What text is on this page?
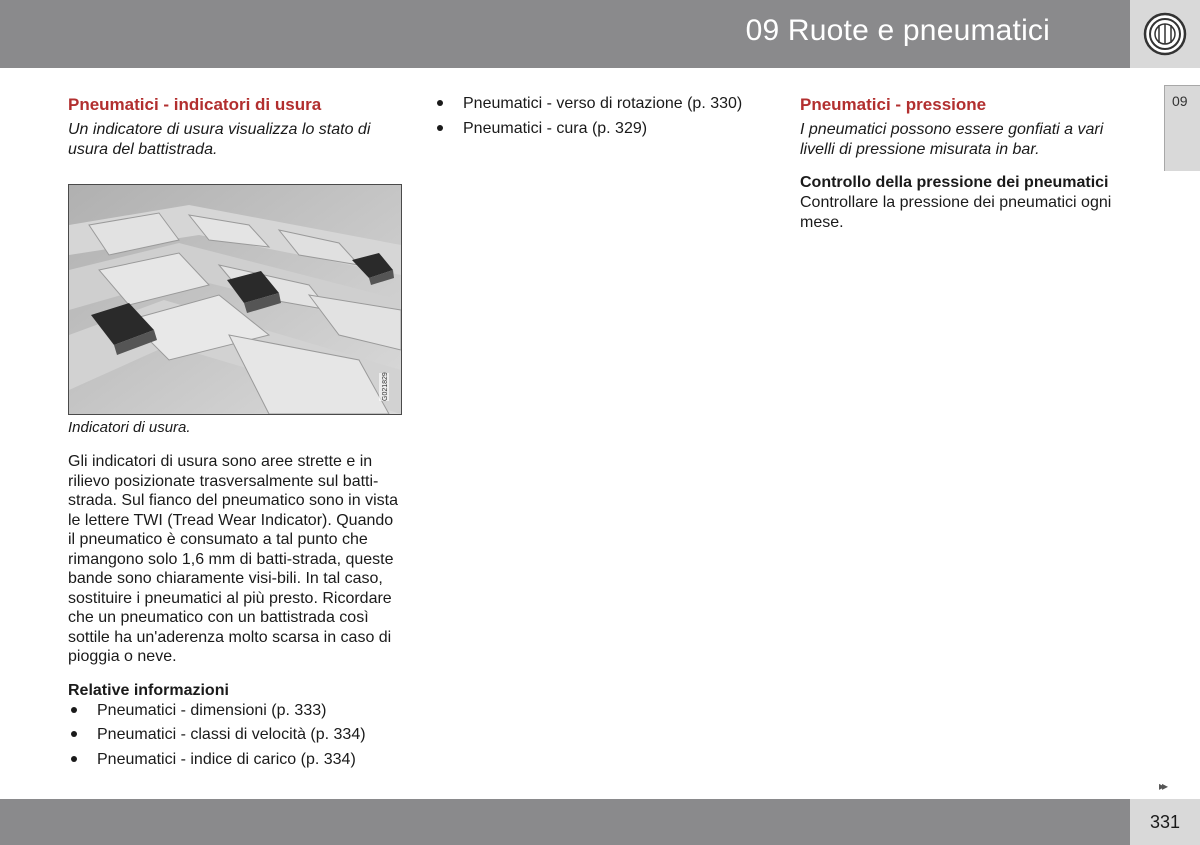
09 Ruote e pneumatici
09
Pneumatici - indicatori di usura
Un indicatore di usura visualizza lo stato di usura del battistrada.
G021829
Indicatori di usura.
Gli indicatori di usura sono aree strette e in rilievo posizionate trasversalmente sul batti-strada. Sul fianco del pneumatico sono in vista le lettere TWI (Tread Wear Indicator). Quando il pneumatico è consumato a tal punto che rimangono solo 1,6 mm di batti-strada, queste bande sono chiaramente visi-bili. In tal caso, sostituire i pneumatici al più presto. Ricordare che un pneumatico con un battistrada così sottile ha un'aderenza molto scarsa in caso di pioggia o neve.
Relative informazioni
Pneumatici - dimensioni (p. 333)
Pneumatici - classi di velocità (p. 334)
Pneumatici - indice di carico (p. 334)
Pneumatici - verso di rotazione (p. 330)
Pneumatici - cura (p. 329)
Pneumatici - pressione
I pneumatici possono essere gonfiati a vari livelli di pressione misurata in bar.
Controllo della pressione dei pneumatici
Controllare la pressione dei pneumatici ogni mese.
▸▸
331
